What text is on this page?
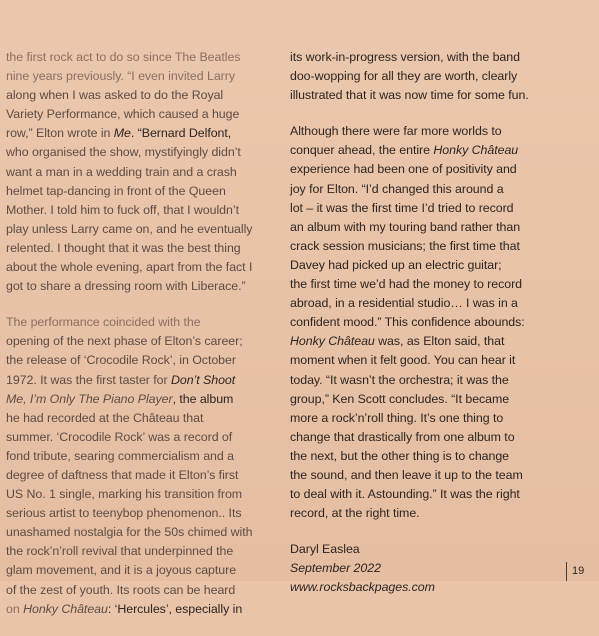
the first rock act to do so since The Beatles
nine years previously. “I even invited Larry
along when I was asked to do the Royal
Variety Performance, which caused a huge
row,” Elton wrote in Me. “Bernard Delfont,
who organised the show, mystifyingly didn’t
want a man in a wedding train and a crash
helmet tap-dancing in front of the Queen
Mother. I told him to fuck off, that I wouldn’t
play unless Larry came on, and he eventually
relented. I thought that it was the best thing
about the whole evening, apart from the fact I
got to share a dressing room with Liberace.”

The performance coincided with the
opening of the next phase of Elton’s career;
the release of ‘Crocodile Rock’, in October
1972. It was the first taster for Don’t Shoot
Me, I’m Only The Piano Player, the album
he had recorded at the Château that
summer. ‘Crocodile Rock’ was a record of
fond tribute, searing commercialism and a
degree of daftness that made it Elton’s first
US No. 1 single, marking his transition from
serious artist to teenybop phenomenon.. Its
unashamed nostalgia for the 50s chimed with
the rock’n’roll revival that underpinned the
glam movement, and it is a joyous capture
of the zest of youth. Its roots can be heard
on Honky Château: ‘Hercules’, especially in

its work-in-progress version, with the band
doo-wopping for all they are worth, clearly
illustrated that it was now time for some fun.

Although there were far more worlds to
conquer ahead, the entire Honky Château
experience had been one of positivity and
joy for Elton. “I’d changed this around a
lot – it was the first time I’d tried to record
an album with my touring band rather than
crack session musicians; the first time that
Davey had picked up an electric guitar;
the first time we’d had the money to record
abroad, in a residential studio… I was in a
confident mood.” This confidence abounds:
Honky Château was, as Elton said, that
moment when it felt good. You can hear it
today. “It wasn’t the orchestra; it was the
group,” Ken Scott concludes. “It became
more a rock’n’roll thing. It’s one thing to
change that drastically from one album to
the next, but the other thing is to change
the sound, and then leave it up to the team
to deal with it. Astounding.” It was the right
record, at the right time.

Daryl Easlea
September 2022
www.rocksbackpages.com

19
